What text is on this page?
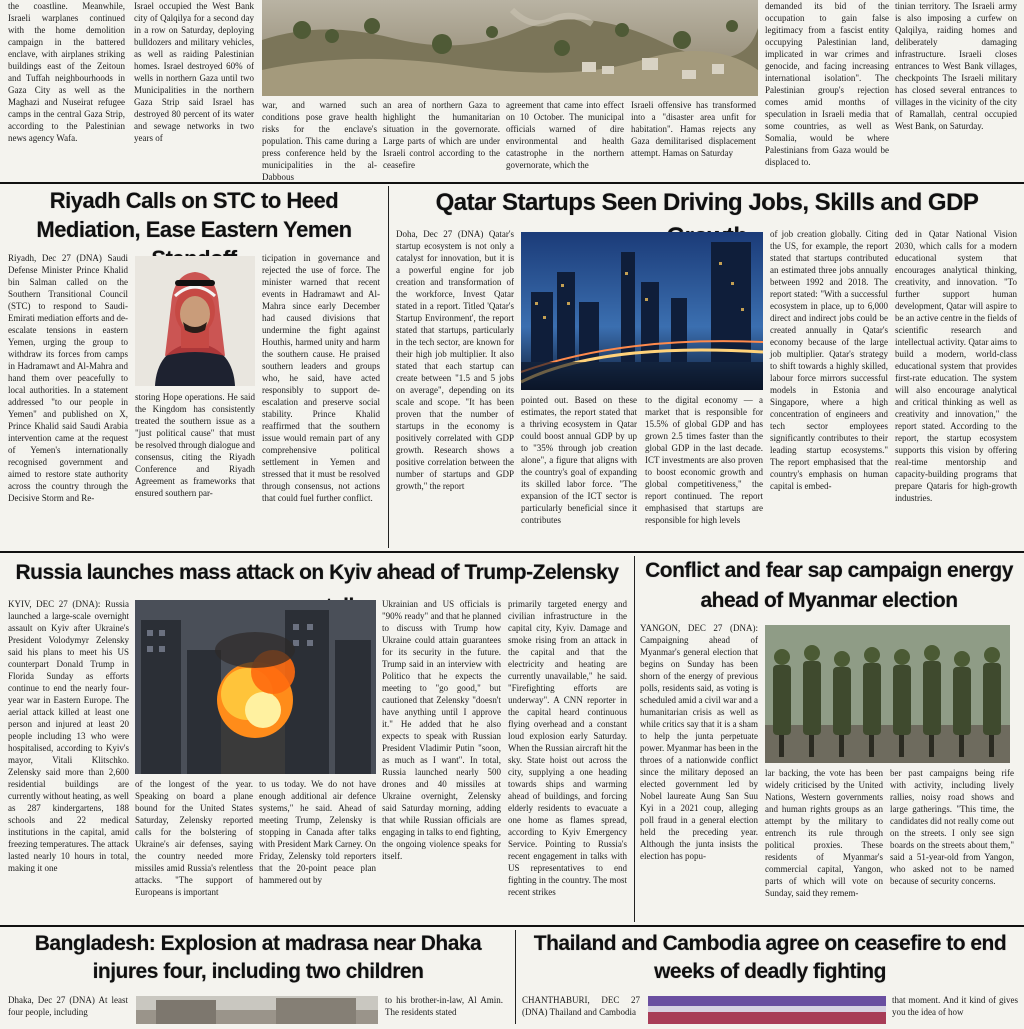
the coastline. Meanwhile, Israeli warplanes continued with the home demolition campaign in the battered enclave, with airplanes striking buildings east of the Zeitoun and Tuffah neighbourhoods in Gaza City as well as the Maghazi and Nuseirat refugee camps in the central Gaza Strip, according to the Palestinian news agency Wafa.
Israel occupied the West Bank city of Qalqilya for a second day in a row on Saturday, deploying bulldozers and military vehicles, as well as raiding Palestinian homes. Israel destroyed 60% of wells in northern Gaza until two Municipalities in the northern Gaza Strip said Israel has destroyed 80 percent of its water and sewage networks in two years of
war, and warned such conditions pose grave health risks for the enclave's population. This came during a press conference held by the municipalities in the al-Dabbous
an area of northern Gaza to highlight the humanitarian situation in the governorate. Large parts of which are under Israeli control according to the ceasefire
agreement that came into effect on 10 October. The municipal officials warned of dire environmental and health catastrophe in the northern governorate, which the
Israeli offensive has transformed into a "disaster area unfit for habitation". Hamas rejects any Gaza demilitarised displacement attempt. Hamas on Saturday
demanded its bid of the occupation to gain false legitimacy from a fascist entity occupying Palestinian land, implicated in war crimes and genocide, and facing increasing international isolation". The Palestinian group's rejection comes amid months of speculation in Israeli media that some countries, as well as Somalia, would be where Palestinians from Gaza would be displaced to.
tinian territory. The Israeli army is also imposing a curfew on Qalqilya, raiding homes and deliberately damaging infrastructure. Israeli closes entrances to West Bank villages, checkpoints The Israeli military has closed several entrances to villages in the vicinity of the city of Ramallah, central occupied West Bank, on Saturday.
Riyadh Calls on STC to Heed Mediation, Ease Eastern Yemen
Riyadh, Dec 27 (DNA) Saudi Defense Minister Prince Khalid bin Salman called on the Southern Transitional Council (STC) to respond to Saudi-Emirati mediation efforts and de-escalate tensions in eastern Yemen, urging the group to withdraw its forces from camps in Hadramawt and Al-Mahra and hand them over peacefully to local authorities. In a statement addressed "to our people in Yemen" and published on X, Prince Khalid said Saudi Arabia intervention came at the request of Yemen's internationally recognised government and aimed to restore state authority across the country through the Decisive Storm and Re-
storing Hope operations. He said the Kingdom has consistently treated the southern issue as a "just political cause" that must be resolved through dialogue and consensus, citing the Riyadh Conference and Riyadh Agreement as frameworks that ensured southern par-
ticipation in governance and rejected the use of force. The minister warned that recent events in Hadramawt and Al-Mahra since early December had caused divisions that undermine the fight against Houthis, harmed unity and harm the southern cause. He praised southern leaders and groups who, he said, have acted responsibly to support de-escalation and preserve social stability. Prince Khalid reaffirmed that the southern issue would remain part of any comprehensive political settlement in Yemen and stressed that it must be resolved through consensus, not actions that could fuel further conflict.
Qatar Startups Seen Driving Jobs, Skills and GDP
Doha, Dec 27 (DNA) Qatar's startup ecosystem is not only a catalyst for innovation, but it is a powerful engine for job creation and transformation of the workforce, Invest Qatar stated in a report. Titled 'Qatar's Startup Environment', the report stated that startups, particularly in the tech sector, are known for their high job multiplier. It also stated that each startup can create between "1.5 and 5 jobs on average", depending on its scale and scope. "It has been proven that the number of startups in the economy is positively correlated with GDP growth. Research shows a positive correlation between the number of startups and GDP growth," the report
pointed out. Based on these estimates, the report stated that a thriving ecosystem in Qatar could boost annual GDP by up to "35% through job creation alone", a figure that aligns with the country's goal of expanding its skilled labor force. "The expansion of the ICT sector is particularly beneficial since it contributes
to the digital economy — a market that is responsible for 15.5% of global GDP and has grown 2.5 times faster than the global GDP in the last decade. ICT investments are also proven to boost economic growth and global competitiveness," the report continued. The report emphasised that startups are responsible for high levels
of job creation globally. Citing the US, for example, the report stated that startups contributed an estimated three jobs annually between 1992 and 2018. The report stated: "With a successful ecosystem in place, up to 6,000 direct and indirect jobs could be created annually in Qatar's economy because of the large job multiplier. Qatar's strategy to shift towards a highly skilled, labour force mirrors successful models in Estonia and Singapore, where a high concentration of engineers and tech sector employees significantly contributes to their leading startup ecosystems." The report emphasised that the country's emphasis on human capital is embed-
ded in Qatar National Vision 2030, which calls for a modern educational system that encourages analytical thinking, creativity, and innovation. "To further support human development, Qatar will aspire to be an active centre in the fields of scientific research and intellectual activity. Qatar aims to build a modern, world-class educational system that provides first-rate education. The system will also encourage analytical and critical thinking as well as creativity and innovation," the report stated. According to the report, the startup ecosystem supports this vision by offering real-time mentorship and capacity-building programs that prepare Qataris for high-growth industries.
Russia launches mass attack on Kyiv ahead of Trump-Zelensky
KYIV, DEC 27 (DNA): Russia launched a large-scale overnight assault on Kyiv after Ukraine's President Volodymyr Zelensky said his plans to meet his US counterpart Donald Trump in Florida Sunday as efforts continue to end the nearly four-year war in Eastern Europe. The aerial attack killed at least one person and injured at least 20 people including 13 who were hospitalised, according to Kyiv's mayor, Vitali Klitschko. Zelensky said more than 2,600 residential buildings are currently without heating, as well as 287 kindergartens, 188 schools and 22 medical institutions in the capital, amid freezing temperatures. The attack lasted nearly 10 hours in total, making it one
of the longest of the year. Speaking on board a plane bound for the United States Saturday, Zelensky reported calls for the bolstering of Ukraine's air defenses, saying the country needed more missiles amid Russia's relentless attacks. "The support of Europeans is important
to us today. We do not have enough additional air defence systems," he said. Ahead of meeting Trump, Zelensky is stopping in Canada after talks with President Mark Carney. On Friday, Zelensky told reporters that the 20-point peace plan hammered out by
Ukrainian and US officials is "90% ready" and that he planned to discuss with Trump how Ukraine could attain guarantees for its security in the future. Trump said in an interview with Politico that he expects the meeting to "go good," but cautioned that Zelensky "doesn't have anything until I approve it." He added that he also expects to speak with Russian President Vladimir Putin "soon, as much as I want". In total, Russia launched nearly 500 drones and 40 missiles at Ukraine overnight, Zelensky said Saturday morning, adding that while Russian officials are engaging in talks to end fighting, the ongoing violence speaks for itself.
primarily targeted energy and civilian infrastructure in the capital city, Kyiv. Damage and smoke rising from an attack in the capital and that the electricity and heating are currently unavailable," he said. "Firefighting efforts are underway". A CNN reporter in the capital heard continuous flying overhead and a constant loud explosion early Saturday. When the Russian aircraft hit the sky. State hoist out across the city, supplying a one heading towards ships and warming ahead of buildings, and forcing elderly residents to evacuate a one home as flames spread, according to Kyiv Emergency Service. Pointing to Russia's recent engagement in talks with US representatives to end fighting in the country. The most recent strikes
Conflict and fear sap campaign energy ahead of Myanmar election
YANGON, DEC 27 (DNA): Campaigning ahead of Myanmar's general election that begins on Sunday has been shorn of the energy of previous polls, residents said, as voting is scheduled amid a civil war and a humanitarian crisis as well as while critics say that it is a sham to help the junta perpetuate power. Myanmar has been in the throes of a nationwide conflict since the military deposed an elected government led by Nobel laureate Aung San Suu Kyi in a 2021 coup, alleging poll fraud in a general election held the preceding year. Although the junta insists the election has popu-
lar backing, the vote has been widely criticised by the United Nations, Western governments and human rights groups as an attempt by the military to entrench its rule through political proxies. These residents of Myanmar's commercial capital, Yangon, parts of which will vote on Sunday, said they remem-
ber past campaigns being rife with activity, including lively rallies, noisy road shows and large gatherings. "This time, the candidates did not really come out on the streets. I only see sign boards on the streets about them," said a 51-year-old from Yangon, who asked not to be named because of security concerns.
Bangladesh: Explosion at madrasa near Dhaka injures four, including two children
Dhaka, Dec 27 (DNA) At least four people, including
to his brother-in-law, Al Amin. The residents stated
Thailand and Cambodia agree on ceasefire to end weeks of deadly fighting
CHANTHABURI, DEC 27 (DNA) Thailand and Cambodia
that moment. And it kind of gives you the idea of how
